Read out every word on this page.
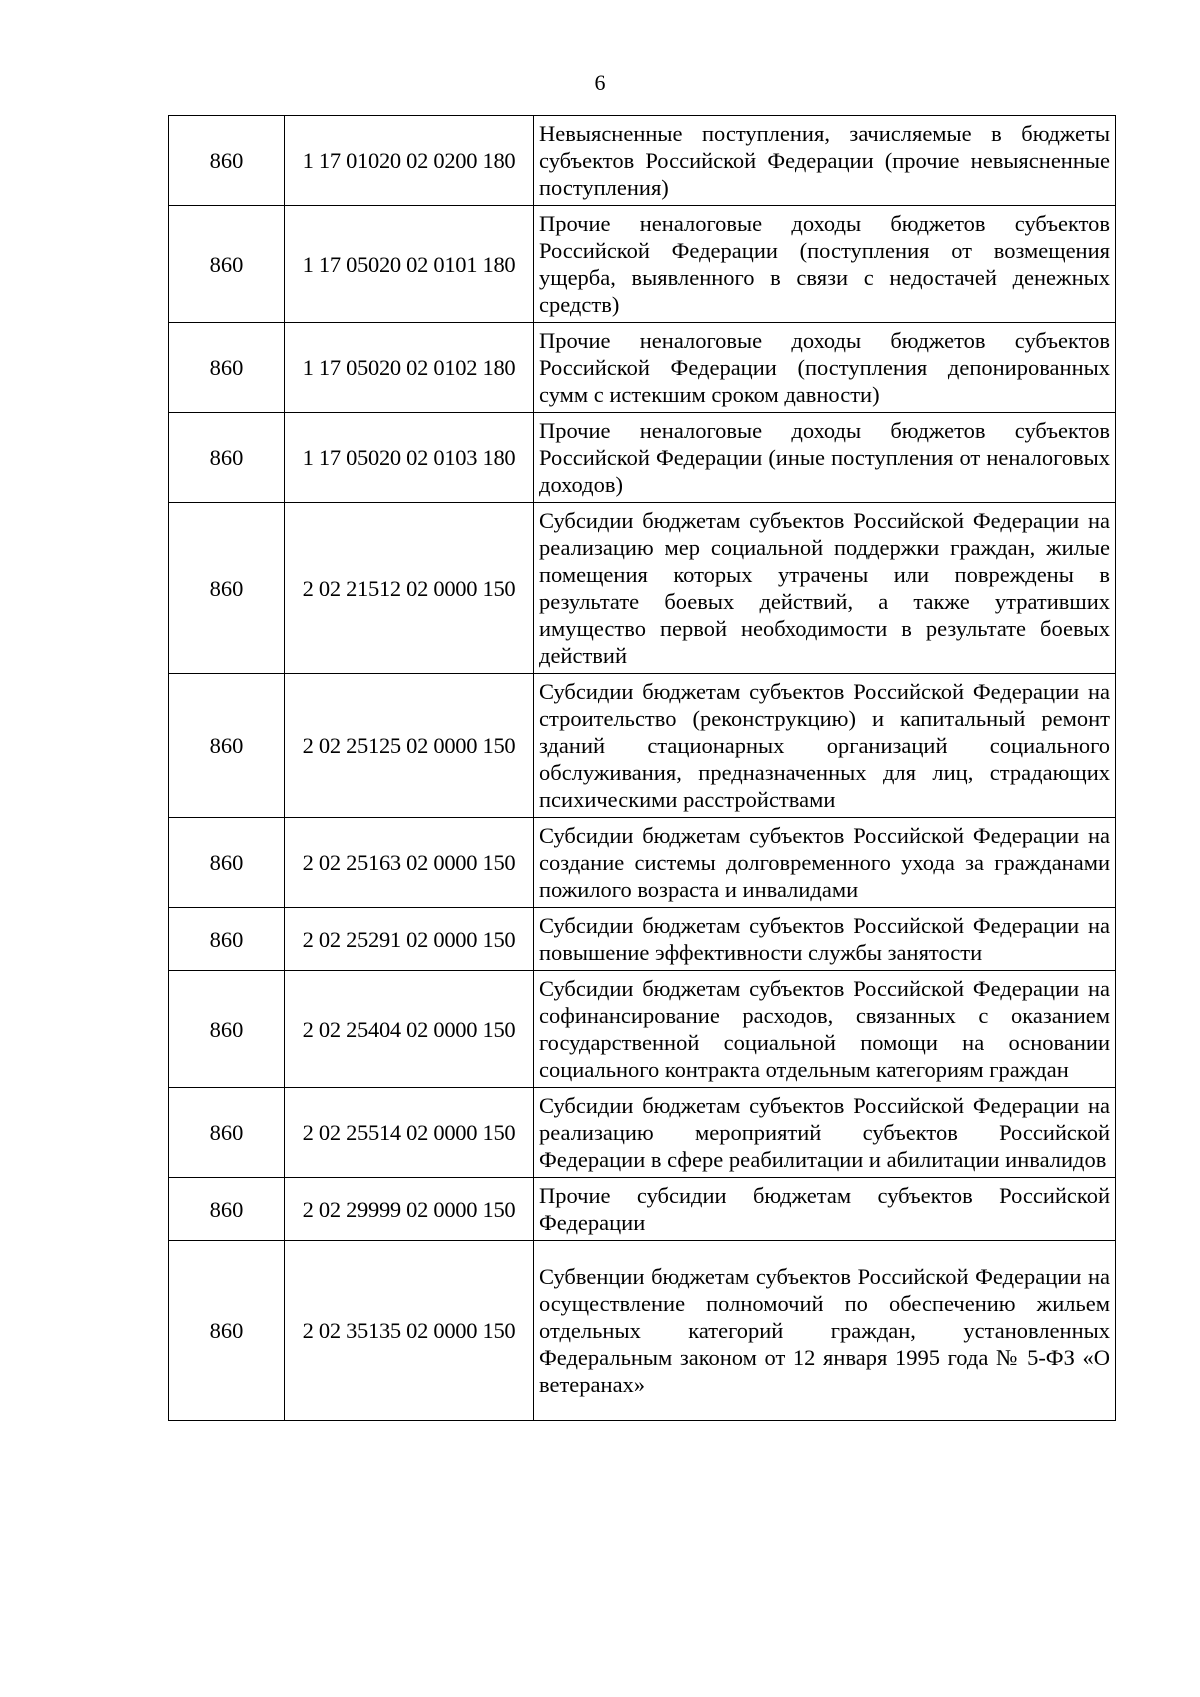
6
860	1 17 01020 02 0200 180	Невыясненные поступления, зачисляемые в бюджеты субъектов Российской Федерации (прочие невыясненные поступления)
860	1 17 05020 02 0101 180	Прочие неналоговые доходы бюджетов субъектов Российской Федерации (поступления от возмещения ущерба, выявленного в связи с недостачей денежных средств)
860	1 17 05020 02 0102 180	Прочие неналоговые доходы бюджетов субъектов Российской Федерации (поступления депонированных сумм с истекшим сроком давности)
860	1 17 05020 02 0103 180	Прочие неналоговые доходы бюджетов субъектов Российской Федерации (иные поступления от неналоговых доходов)
860	2 02 21512 02 0000 150	Субсидии бюджетам субъектов Российской Федерации на реализацию мер социальной поддержки граждан, жилые помещения которых утрачены или повреждены в результате боевых действий, а также утративших имущество первой необходимости в результате боевых действий
860	2 02 25125 02 0000 150	Субсидии бюджетам субъектов Российской Федерации на строительство (реконструкцию) и капитальный ремонт зданий стационарных организаций социального обслуживания, предназначенных для лиц, страдающих психическими расстройствами
860	2 02 25163 02 0000 150	Субсидии бюджетам субъектов Российской Федерации на создание системы долговременного ухода за гражданами пожилого возраста и инвалидами
860	2 02 25291 02 0000 150	Субсидии бюджетам субъектов Российской Федерации на повышение эффективности службы занятости
860	2 02 25404 02 0000 150	Субсидии бюджетам субъектов Российской Федерации на софинансирование расходов, связанных с оказанием государственной социальной помощи на основании социального контракта отдельным категориям граждан
860	2 02 25514 02 0000 150	Субсидии бюджетам субъектов Российской Федерации на реализацию мероприятий субъектов Российской Федерации в сфере реабилитации и абилитации инвалидов
860	2 02 29999 02 0000 150	Прочие субсидии бюджетам субъектов Российской Федерации
860	2 02 35135 02 0000 150	Субвенции бюджетам субъектов Российской Федерации на осуществление полномочий по обеспечению жильем отдельных категорий граждан, установленных Федеральным законом от 12 января 1995 года № 5-ФЗ «О ветеранах»
